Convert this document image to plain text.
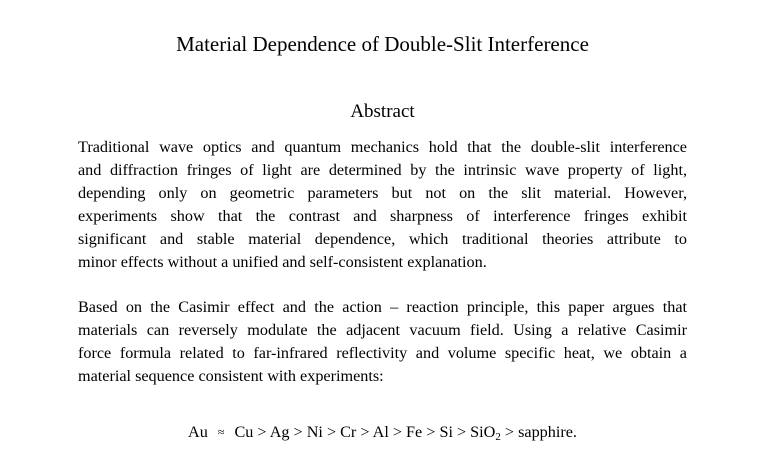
Material Dependence of Double-Slit Interference
Abstract
Traditional wave optics and quantum mechanics hold that the double-slit interference
and diffraction fringes of light are determined by the intrinsic wave property of light,
depending only on geometric parameters but not on the slit material. However,
experiments show that the contrast and sharpness of interference fringes exhibit
significant and stable material dependence, which traditional theories attribute to
minor effects without a unified and self-consistent explanation.
Based on the Casimir effect and the action – reaction principle, this paper argues that
materials can reversely modulate the adjacent vacuum field. Using a relative Casimir
force formula related to far-infrared reflectivity and volume specific heat, we obtain a
material sequence consistent with experiments:
Au ≈ Cu > Ag > Ni > Cr > Al > Fe > Si > SiO$_2$ > sapphire.
